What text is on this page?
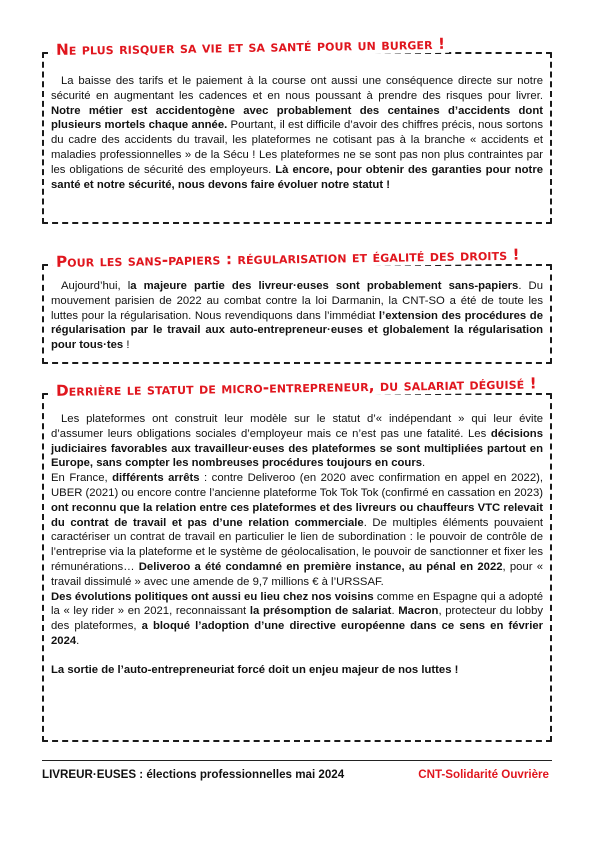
Ne plus risquer sa vie et sa santé pour un burger !

La baisse des tarifs et le paiement à la course ont aussi une conséquence directe sur notre sécurité en augmentant les cadences et en nous poussant à prendre des risques pour livrer. Notre métier est accidentogène avec probablement des centaines d’accidents dont plusieurs mortels chaque année. Pourtant, il est difficile d’avoir des chiffres précis, nous sortons du cadre des accidents du travail, les plateformes ne cotisant pas à la branche « accidents et maladies professionnelles » de la Sécu ! Les plateformes ne se sont pas non plus contraintes par les obligations de sécurité des employeurs. Là encore, pour obtenir des garanties pour notre santé et notre sécurité, nous devons faire évoluer notre statut !

Pour les sans-papiers : régularisation et égalité des droits !

Aujourd’hui, la majeure partie des livreur·euses sont probablement sans-papiers. Du mouvement parisien de 2022 au combat contre la loi Darmanin, la CNT-SO a été de toute les luttes pour la régularisation. Nous revendiquons dans l’immédiat l’extension des procédures de régularisation par le travail aux auto-entrepreneur·euses et globalement la régularisation pour tous·tes !

Derrière le statut de micro-entrepreneur, du salariat déguisé !

Les plateformes ont construit leur modèle sur le statut d’« indépendant » qui leur évite d’assumer leurs obligations sociales d’employeur mais ce n’est pas une fatalité. Les décisions judiciaires favorables aux travailleur·euses des plateformes se sont multipliées partout en Europe, sans compter les nombreuses procédures toujours en cours.

En France, différents arrêts : contre Deliveroo (en 2020 avec confirmation en appel en 2022), UBER (2021) ou encore contre l’ancienne plateforme Tok Tok Tok (confirmé en cassation en 2023) ont reconnu que la relation entre ces plateformes et des livreurs ou chauffeurs VTC relevait du contrat de travail et pas d’une relation commerciale. De multiples éléments pouvaient caractériser un contrat de travail en particulier le lien de subordination : le pouvoir de contrôle de l’entreprise via la plateforme et le système de géolocalisation, le pouvoir de sanctionner et fixer les rémunérations… Deliveroo a été condamné en première instance, au pénal en 2022, pour « travail dissimulé » avec une amende de 9,7 millions € à l’URSSAF.

Des évolutions politiques ont aussi eu lieu chez nos voisins comme en Espagne qui a adopté la « ley rider » en 2021, reconnaissant la présomption de salariat. Macron, protecteur du lobby des plateformes, a bloqué l’adoption d’une directive européenne dans ce sens en février 2024.

La sortie de l’auto-entrepreneuriat forcé doit un enjeu majeur de nos luttes !

LIVREUR·EUSES : élections professionnelles mai 2024	CNT-Solidarité Ouvrière
